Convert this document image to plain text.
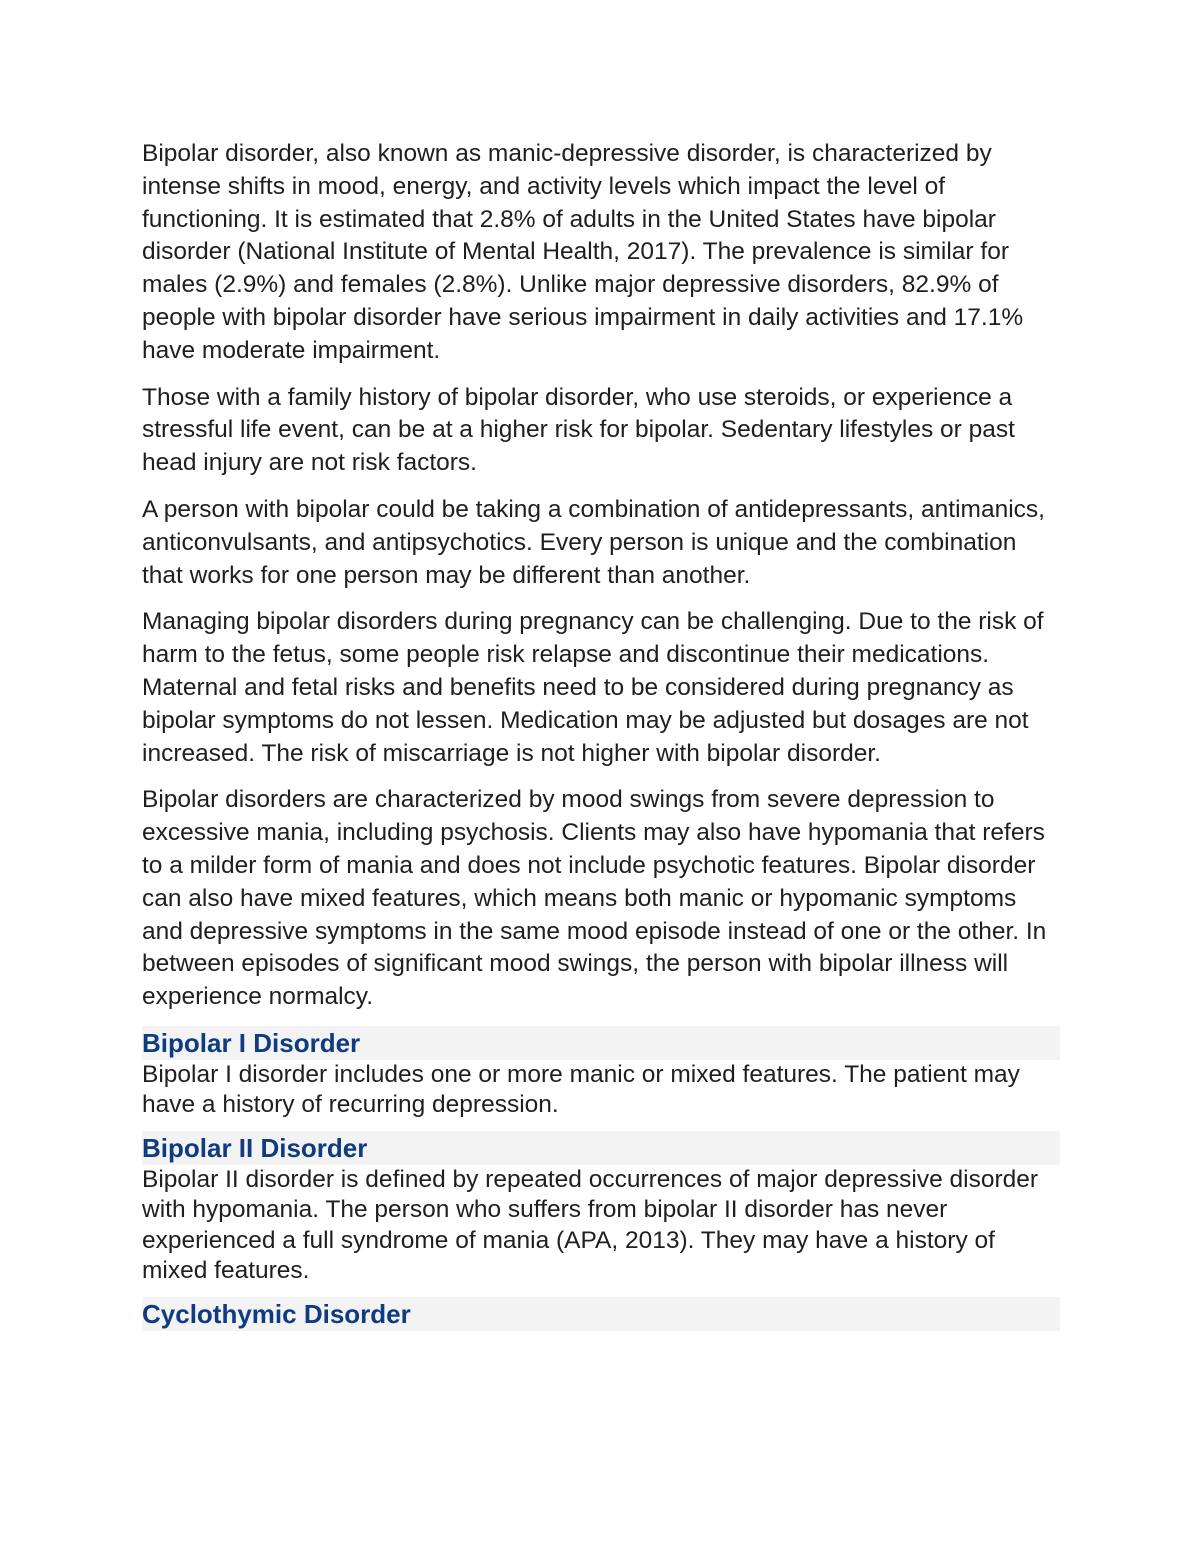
Bipolar disorder, also known as manic-depressive disorder, is characterized by intense shifts in mood, energy, and activity levels which impact the level of functioning. It is estimated that 2.8% of adults in the United States have bipolar disorder (National Institute of Mental Health, 2017). The prevalence is similar for males (2.9%) and females (2.8%). Unlike major depressive disorders, 82.9% of people with bipolar disorder have serious impairment in daily activities and 17.1% have moderate impairment.

Those with a family history of bipolar disorder, who use steroids, or experience a stressful life event, can be at a higher risk for bipolar. Sedentary lifestyles or past head injury are not risk factors.

A person with bipolar could be taking a combination of antidepressants, antimanics, anticonvulsants, and antipsychotics. Every person is unique and the combination that works for one person may be different than another.

Managing bipolar disorders during pregnancy can be challenging. Due to the risk of harm to the fetus, some people risk relapse and discontinue their medications. Maternal and fetal risks and benefits need to be considered during pregnancy as bipolar symptoms do not lessen. Medication may be adjusted but dosages are not increased. The risk of miscarriage is not higher with bipolar disorder.

Bipolar disorders are characterized by mood swings from severe depression to excessive mania, including psychosis. Clients may also have hypomania that refers to a milder form of mania and does not include psychotic features. Bipolar disorder can also have mixed features, which means both manic or hypomanic symptoms and depressive symptoms in the same mood episode instead of one or the other. In between episodes of significant mood swings, the person with bipolar illness will experience normalcy.

Bipolar I Disorder

Bipolar I disorder includes one or more manic or mixed features. The patient may have a history of recurring depression.

Bipolar II Disorder

Bipolar II disorder is defined by repeated occurrences of major depressive disorder with hypomania. The person who suffers from bipolar II disorder has never experienced a full syndrome of mania (APA, 2013). They may have a history of mixed features.

Cyclothymic Disorder
